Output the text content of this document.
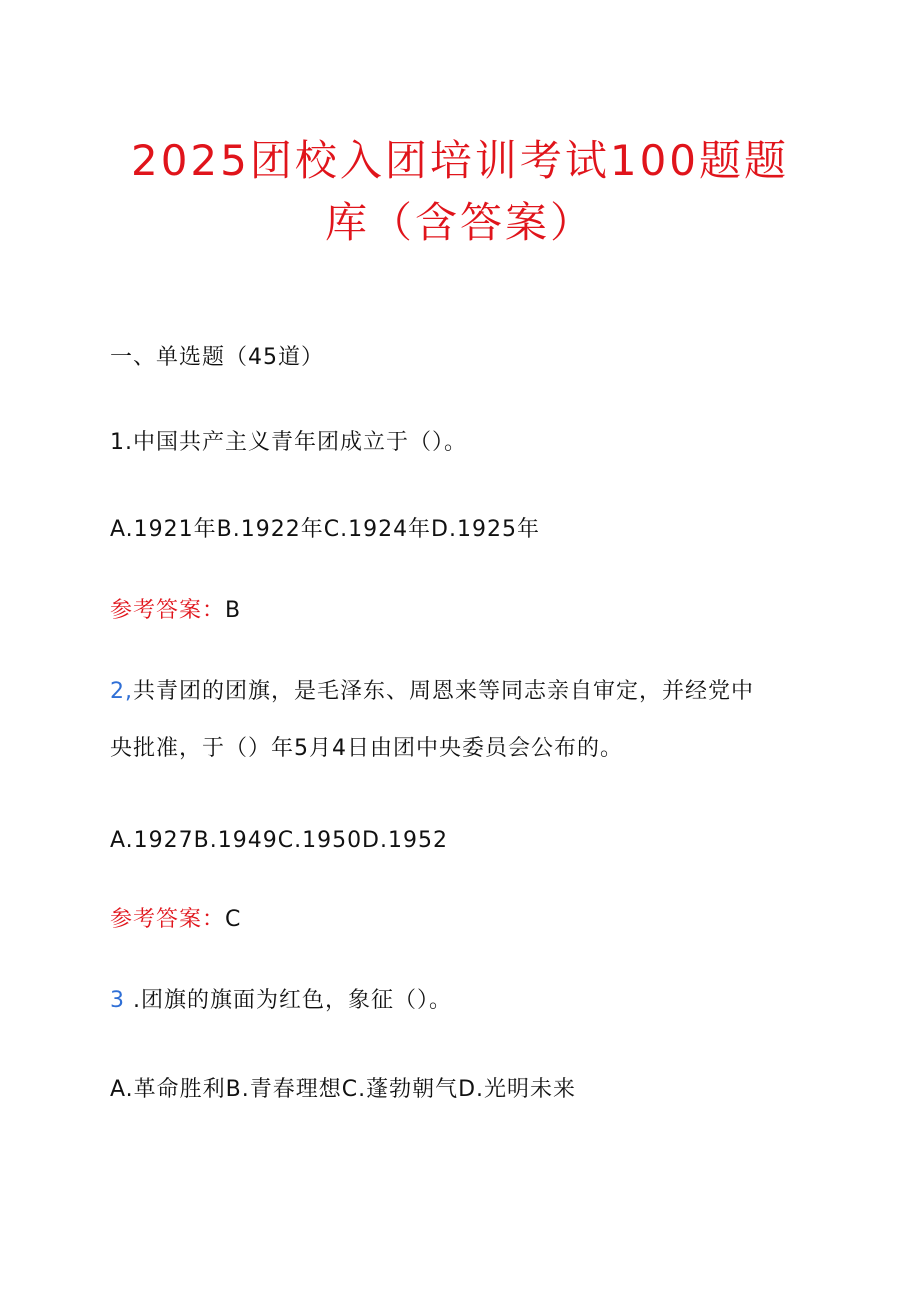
2025团校入团培训考试100题题
库（含答案）
一、单选题（45道）
1.中国共产主义青年团成立于（）。
A.1921年B.1922年C.1924年D.1925年
参考答案：B
2,共青团的团旗，是毛泽东、周恩来等同志亲自审定，并经党中
央批准，于（）年5月4日由团中央委员会公布的。
A.1927B.1949C.1950D.1952
参考答案：C
3 .团旗的旗面为红色，象征（）。
A.革命胜利B.青春理想C.蓬勃朝气D.光明未来
